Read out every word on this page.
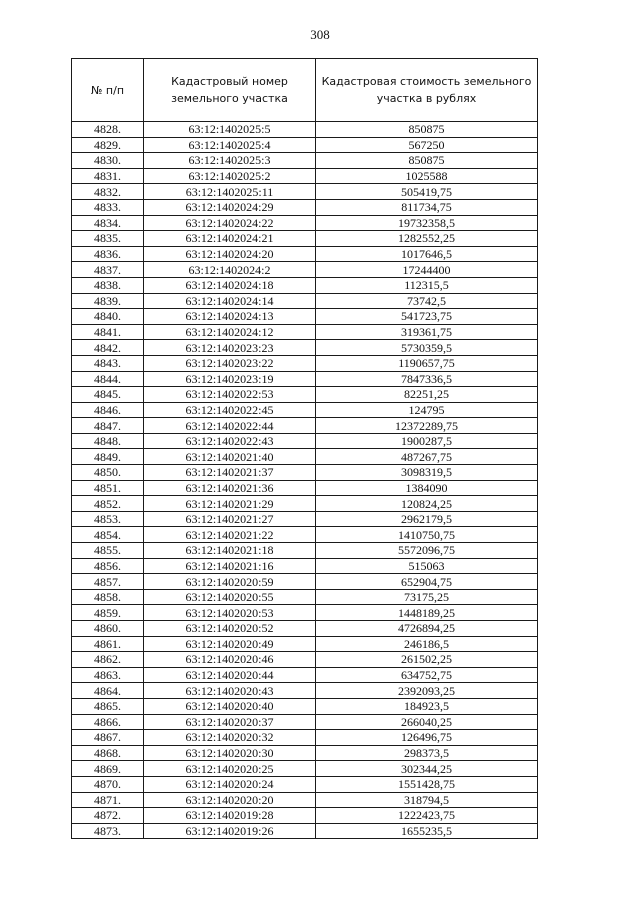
308
№ п/п	Кадастровый номер земельного участка	Кадастровая стоимость земельного участка в рублях
4828.	63:12:1402025:5	850875
4829.	63:12:1402025:4	567250
4830.	63:12:1402025:3	850875
4831.	63:12:1402025:2	1025588
4832.	63:12:1402025:11	505419,75
4833.	63:12:1402024:29	811734,75
4834.	63:12:1402024:22	19732358,5
4835.	63:12:1402024:21	1282552,25
4836.	63:12:1402024:20	1017646,5
4837.	63:12:1402024:2	17244400
4838.	63:12:1402024:18	112315,5
4839.	63:12:1402024:14	73742,5
4840.	63:12:1402024:13	541723,75
4841.	63:12:1402024:12	319361,75
4842.	63:12:1402023:23	5730359,5
4843.	63:12:1402023:22	1190657,75
4844.	63:12:1402023:19	7847336,5
4845.	63:12:1402022:53	82251,25
4846.	63:12:1402022:45	124795
4847.	63:12:1402022:44	12372289,75
4848.	63:12:1402022:43	1900287,5
4849.	63:12:1402021:40	487267,75
4850.	63:12:1402021:37	3098319,5
4851.	63:12:1402021:36	1384090
4852.	63:12:1402021:29	120824,25
4853.	63:12:1402021:27	2962179,5
4854.	63:12:1402021:22	1410750,75
4855.	63:12:1402021:18	5572096,75
4856.	63:12:1402021:16	515063
4857.	63:12:1402020:59	652904,75
4858.	63:12:1402020:55	73175,25
4859.	63:12:1402020:53	1448189,25
4860.	63:12:1402020:52	4726894,25
4861.	63:12:1402020:49	246186,5
4862.	63:12:1402020:46	261502,25
4863.	63:12:1402020:44	634752,75
4864.	63:12:1402020:43	2392093,25
4865.	63:12:1402020:40	184923,5
4866.	63:12:1402020:37	266040,25
4867.	63:12:1402020:32	126496,75
4868.	63:12:1402020:30	298373,5
4869.	63:12:1402020:25	302344,25
4870.	63:12:1402020:24	1551428,75
4871.	63:12:1402020:20	318794,5
4872.	63:12:1402019:28	1222423,75
4873.	63:12:1402019:26	1655235,5
